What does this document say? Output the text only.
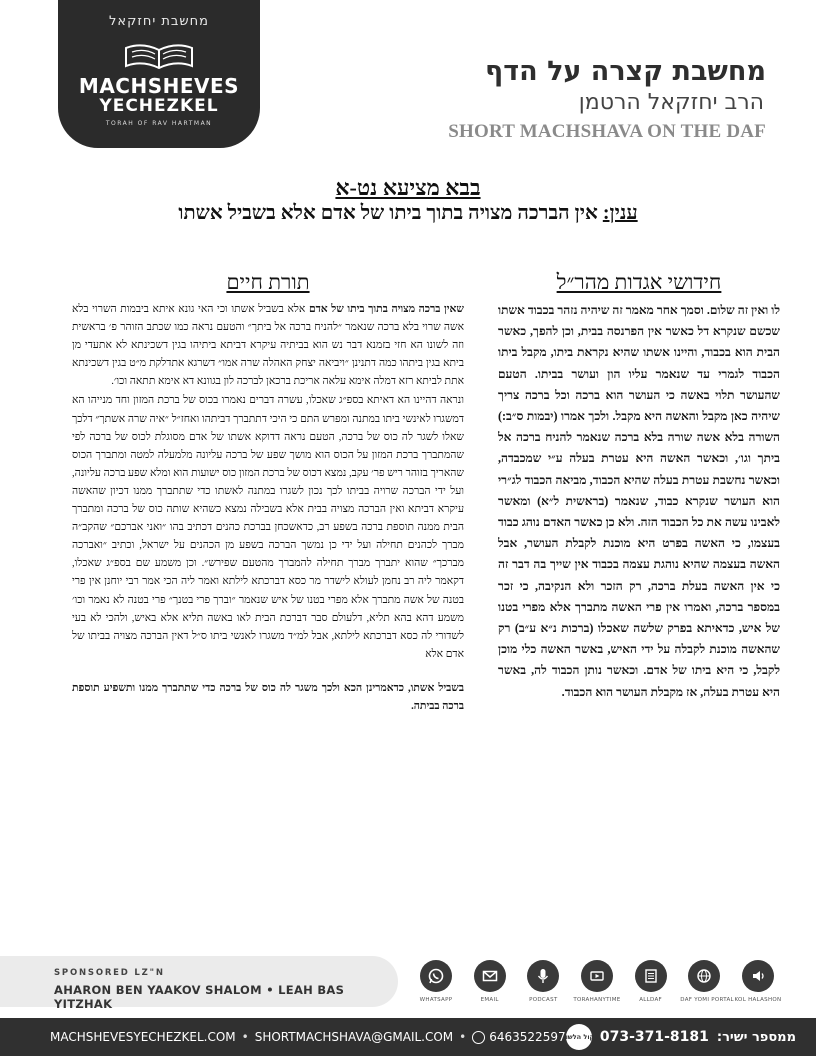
מחשבת יחזקאל
MACHSHEVES
YECHEZKEL
TORAH OF RAV HARTMAN
מחשבת קצרה על הדף
הרב יחזקאל הרטמן
SHORT MACHSHAVA ON THE DAF
בבא מציעא נט-א
ענין: אין הברכה מצויה בתוך ביתו של אדם אלא בשביל אשתו
חידושי אגדות מהר״ל
תורת חיים
לו ואין זה שלום. וסמך אחר מאמר זה שיהיה נזהר בכבוד אשתו שכשם שנקרא דל כאשר אין הפרנסה בבית, וכן להפך, כאשר הבית הוא בכבוד, והיינו אשתו שהיא נקראת ביתו, מקבל ביתו הכבוד לגמרי עד שנאמר עליו הון ועושר בביתו. הטעם שהעושר תלוי באשה כי העושר הוא ברכה וכל ברכה צריך שיהיה כאן מקבל והאשה היא מקבל. ולכך אמרו (יבמות ס״ב:) השורה בלא אשה שורה בלא ברכה שנאמר להניח ברכה אל ביתך וגו׳, וכאשר האשה היא עטרת בעלה ע״י שמכבדה, וכאשר נחשבת עטרת בעלה שהיא הכבוד, מביאה הכבוד לג״רי הוא העושר שנקרא כבוד, שנאמר (בראשית ל״א) ומאשר לאבינו עשה את כל הכבוד הזה. ולא כן כאשר האדם נוהג כבוד בעצמו, כי האשה בפרט היא מוכנת לקבלת העושר, אבל האשה בעצמה שהיא נוהגת עצמה בכבוד אין שייך בה דבר זה כי אין האשה בעלת ברכה, רק הזכר ולא הנקיבה, כי זכר במספר ברכה, ואמרו אין פרי האשה מתברך אלא מפרי בטנו של איש, כדאיתא בפרק שלשה שאכלו (ברכות נ״א ע״ב) רק שהאשה מוכנת לקבלה על ידי האיש, באשר האשה כלי מוכן לקבל, כי היא ביתו של אדם. וכאשר נותן הכבוד לה, באשר היא עטרת בעלה, אז מקבלת העושר הוא הכבוד.

שאין ברכה מצויה בתוך ביתו של אדם אלא בשביל אשתו וכי האי גונא איתא ביבמות השרוי בלא אשה שרוי בלא ברכה שנאמר ״להניח ברכה אל ביתך״ והטעם נראה כמו שכתב הזוהר פ׳ בראשית וזה לשונו הא חזי בזמנא דבר נש הוא בביתיה עיקרא דביתא ביתיהו בגין דשכינתא לא אתעדי מן ביתא בגין ביתהו כמה דתנינן ״ויביאה יצחק האהלה שרה אמו״ דשרגא אתדלקת מ״ט בגין דשכינתא אתת לביתא רזא דמלה אימא עלאה אריכת ברכאן לברכה לון בגוונא דא אימא תתאה וכו׳.

ונראה דהיינו הא דאיתא בספ״ג שאכלו, עשרה דברים נאמרו בכוס של ברכת המזון וחד מנייהו הא דמשגרו לאינשי ביתו במתנה ומפרש התם כי היכי דתתברך דביתהו ואחז״ל ״איה שרה אשתך״ דלכך שאלו לשגר לה כוס של ברכה, הטעם נראה דדוקא אשתו של אדם מסוגלת לכוס של ברכה לפי שהמתברך ברכת המזון על הכוס הוא מושך שפע של ברכה עליונה מלמעלה למטה ומתברך הכוס שהאריך בזוהר ריש פר׳ עקב, נמצא דכוס של ברכת המזון כוס ישועות הוא ומלא שפע ברכה עליונה, ועל ידי הברכה שרויה בביתו לכך נכון לשגרו במתנה לאשתו כדי שתתברך ממנו דכיון שהאשה עיקרא דביתא ואין הברכה מצויה בבית אלא בשבילה נמצא כשהיא שותה כוס של ברכה ומתברך הבית ממנה תוספת ברכה בשפע רב, כדאשכחן בברכת כהנים דכתיב בהו ״ואני אברכם״ שהקב״ה מברך לכהנים תחילה ועל ידי כן נמשך הברכה בשפע מן הכהנים על ישראל, וכתיב ״ואברכה מברכך״ שהוא יתברך מברך תחילה להמברך מהטעם שפירש״. וכן משמע שם בספ״ג שאכלו, דקאמר ליה רב נחמן לעולא לישדר מר כסא דברכתא לילתא ואמר ליה הכי אמר רבי יוחנן אין פרי בטנה של אשה מתברך אלא מפרי בטנו של איש שנאמר ״וברך פרי בטנך״ פרי בטנה לא נאמר וכו׳ משמע דהא בהא תליא, דלעולם סבר דברכת הבית לאו באשה תליא אלא באיש, ולהכי לא בעי לשדורי לה כסא דברכתא לילתא, אבל למ״ד משגרו לאנשי ביתו ס״ל דאין הברכה מצויה בביתו של אדם אלא

בשביל אשתו, כדאמרינן הכא ולכך משגר לה כוס של ברכה כדי שתתברך ממנו ותשפיע תוספת ברכה בביתה.

SPONSORED LZ"N
AHARON BEN YAAKOV SHALOM • LEAH BAS YITZHAK	WHATSAPP	EMAIL	PODCAST	TORAHANYTIME	ALLDAF	DAF YOMI PORTAL KOL HALASHON
MACHSHEVESYECHEZKEL.COM • SHORTMACHSHAVA@GMAIL.COM • 6463522597	ממספר ישיר:
073-371-8181
קול הלשון
